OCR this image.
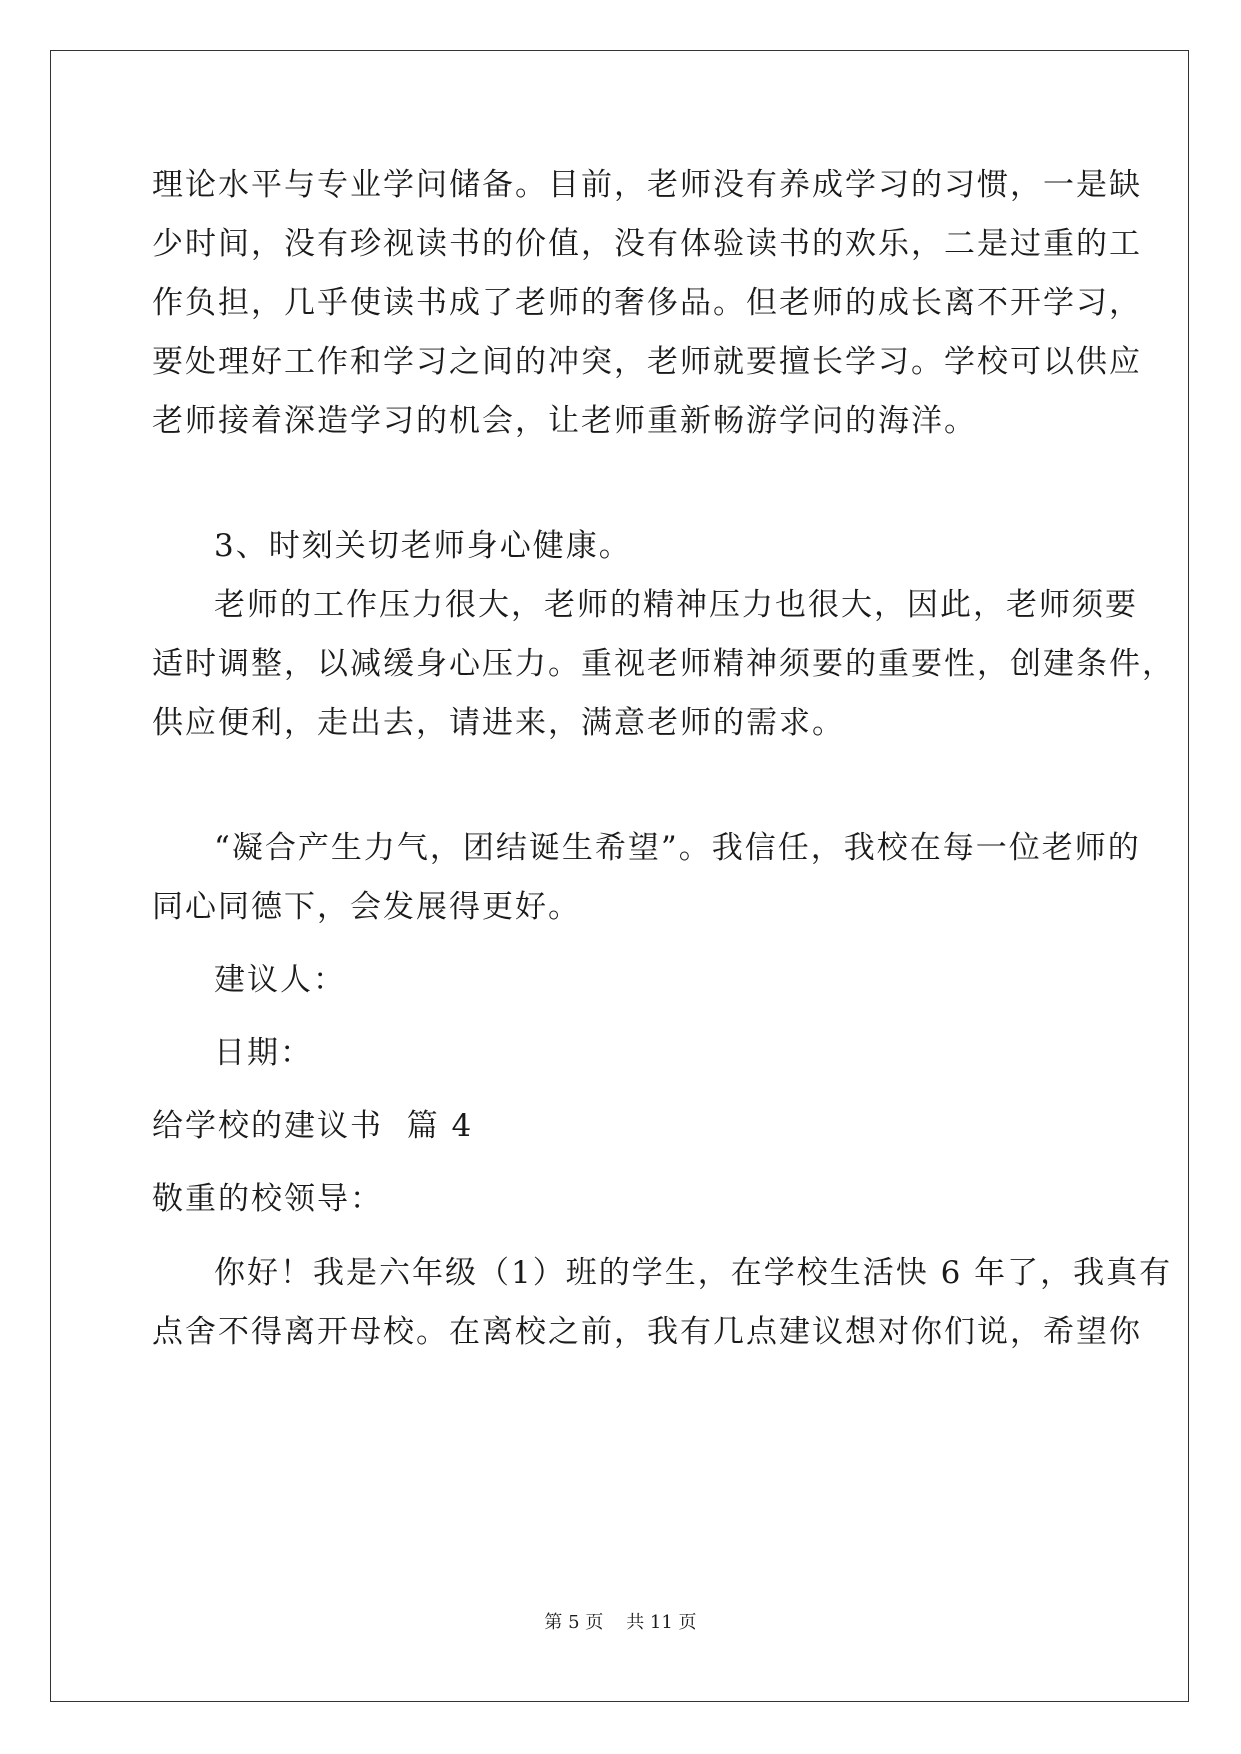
理论水平与专业学问储备。目前，老师没有养成学习的习惯，一是缺
少时间，没有珍视读书的价值，没有体验读书的欢乐，二是过重的工
作负担，几乎使读书成了老师的奢侈品。但老师的成长离不开学习，
要处理好工作和学习之间的冲突，老师就要擅长学习。学校可以供应
老师接着深造学习的机会，让老师重新畅游学问的海洋。
3、时刻关切老师身心健康。
老师的工作压力很大，老师的精神压力也很大，因此，老师须要
适时调整，以减缓身心压力。重视老师精神须要的重要性，创建条件，
供应便利，走出去，请进来，满意老师的需求。
“凝合产生力气，团结诞生希望”。我信任，我校在每一位老师的
同心同德下，会发展得更好。
建议人：
日期：
给学校的建议书  篇 4
敬重的校领导：
你好！我是六年级（1）班的学生，在学校生活快 6 年了，我真有
点舍不得离开母校。在离校之前，我有几点建议想对你们说，希望你
第 5 页    共 11 页
